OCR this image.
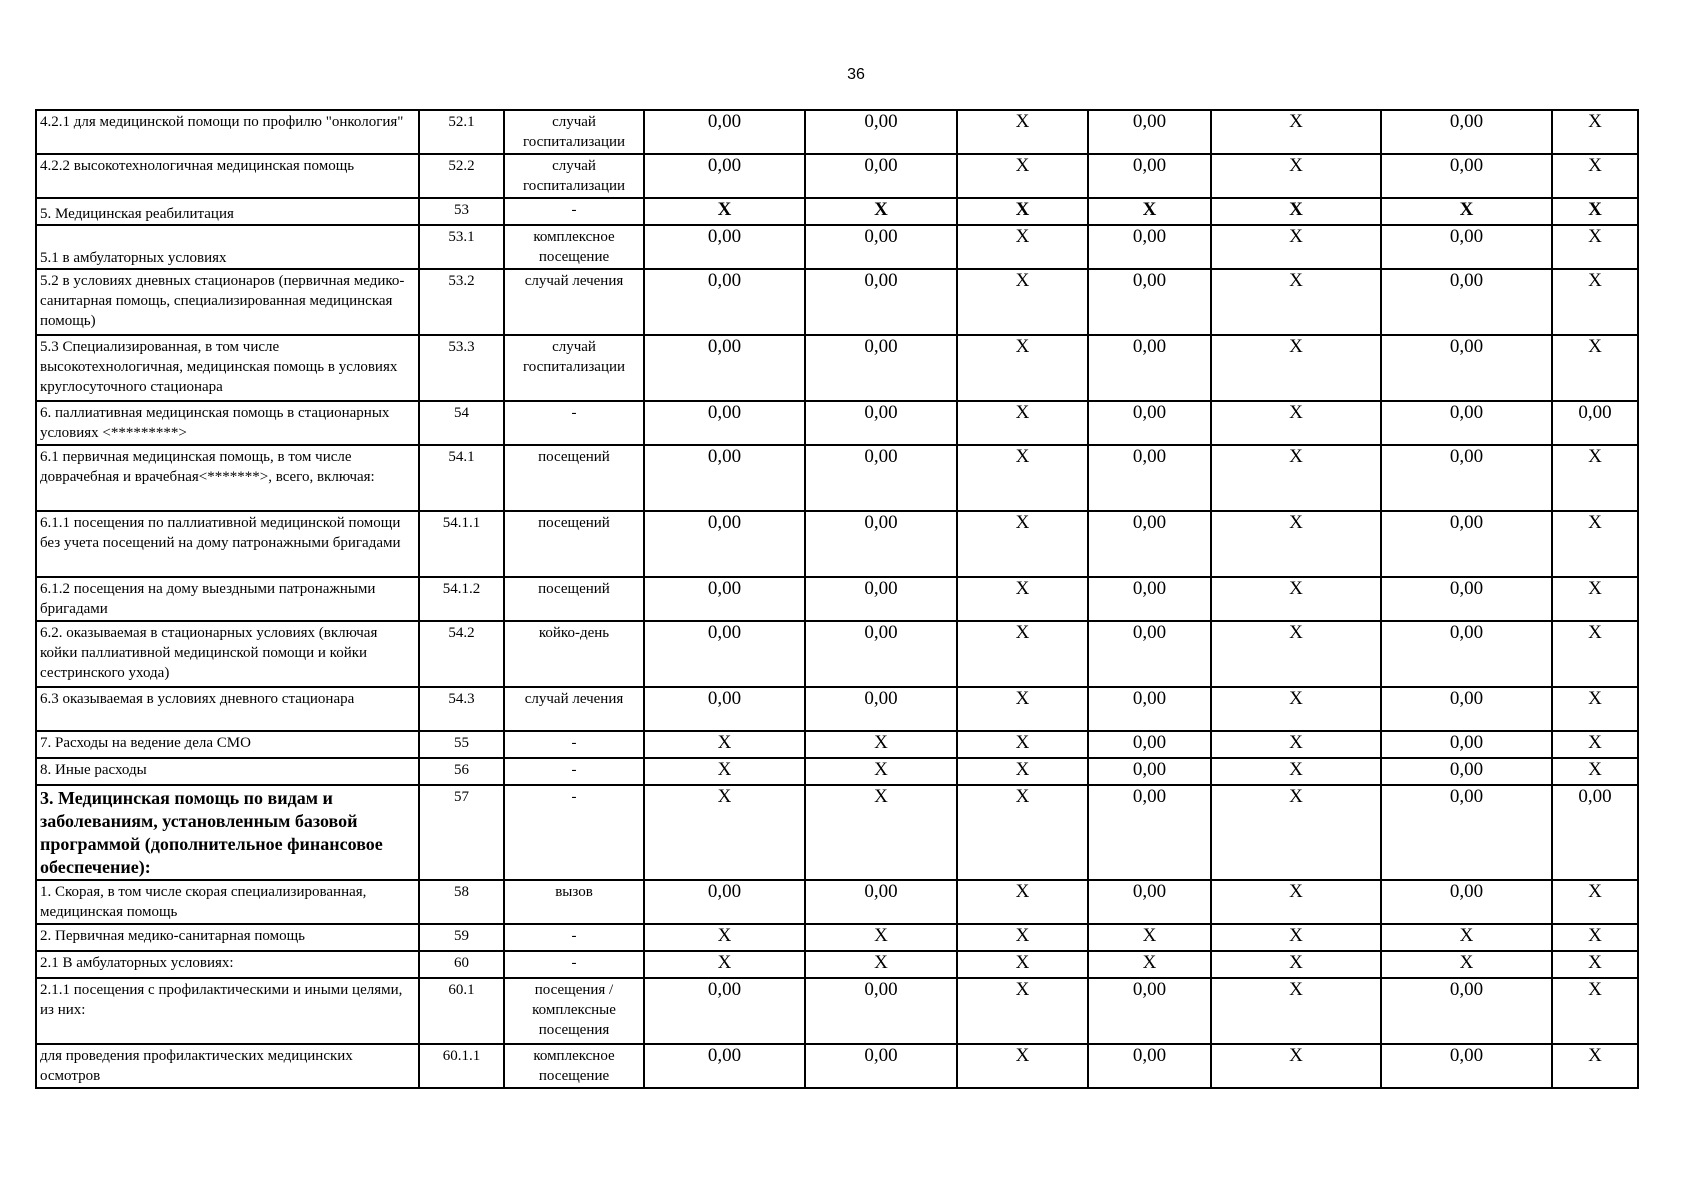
36
4.2.1 для медицинской помощи по профилю "онкология"	52.1	случай госпитализации	0,00	0,00	X	0,00	X	0,00	X
4.2.2 высокотехнологичная медицинская помощь	52.2	случай госпитализации	0,00	0,00	X	0,00	X	0,00	X
5. Медицинская реабилитация	53	-	X	X	X	X	X	X	X
5.1 в амбулаторных условиях	53.1	комплексное посещение	0,00	0,00	X	0,00	X	0,00	X
5.2 в условиях дневных стационаров (первичная медико-санитарная помощь, специализированная медицинская помощь)	53.2	случай лечения	0,00	0,00	X	0,00	X	0,00	X
5.3 Специализированная, в том числе высокотехнологичная, медицинская помощь в условиях круглосуточного стационара	53.3	случай госпитализации	0,00	0,00	X	0,00	X	0,00	X
6. паллиативная медицинская помощь в стационарных условиях <*********>	54	-	0,00	0,00	X	0,00	X	0,00	0,00
6.1 первичная медицинская помощь, в том числе доврачебная и врачебная<*******>, всего, включая:	54.1	посещений	0,00	0,00	X	0,00	X	0,00	X
6.1.1 посещения по паллиативной медицинской помощи без учета посещений на дому патронажными бригадами	54.1.1	посещений	0,00	0,00	X	0,00	X	0,00	X
6.1.2 посещения на дому выездными патронажными бригадами	54.1.2	посещений	0,00	0,00	X	0,00	X	0,00	X
6.2. оказываемая в стационарных условиях (включая койки паллиативной медицинской помощи и койки сестринского ухода)	54.2	койко-день	0,00	0,00	X	0,00	X	0,00	X
6.3 оказываемая в условиях дневного стационара	54.3	случай лечения	0,00	0,00	X	0,00	X	0,00	X
7. Расходы на ведение дела СМО	55	-	X	X	X	0,00	X	0,00	X
8. Иные расходы	56	-	X	X	X	0,00	X	0,00	X
3. Медицинская помощь по видам и заболеваниям, установленным базовой программой (дополнительное финансовое обеспечение):	57	-	X	X	X	0,00	X	0,00	0,00
1. Скорая, в том числе скорая специализированная, медицинская помощь	58	вызов	0,00	0,00	X	0,00	X	0,00	X
2. Первичная медико-санитарная помощь	59	-	X	X	X	X	X	X	X
2.1 В амбулаторных условиях:	60	-	X	X	X	X	X	X	X
2.1.1 посещения с профилактическими и иными целями, из них:	60.1	посещения / комплексные посещения	0,00	0,00	X	0,00	X	0,00	X
для проведения профилактических медицинских осмотров	60.1.1	комплексное посещение	0,00	0,00	X	0,00	X	0,00	X
